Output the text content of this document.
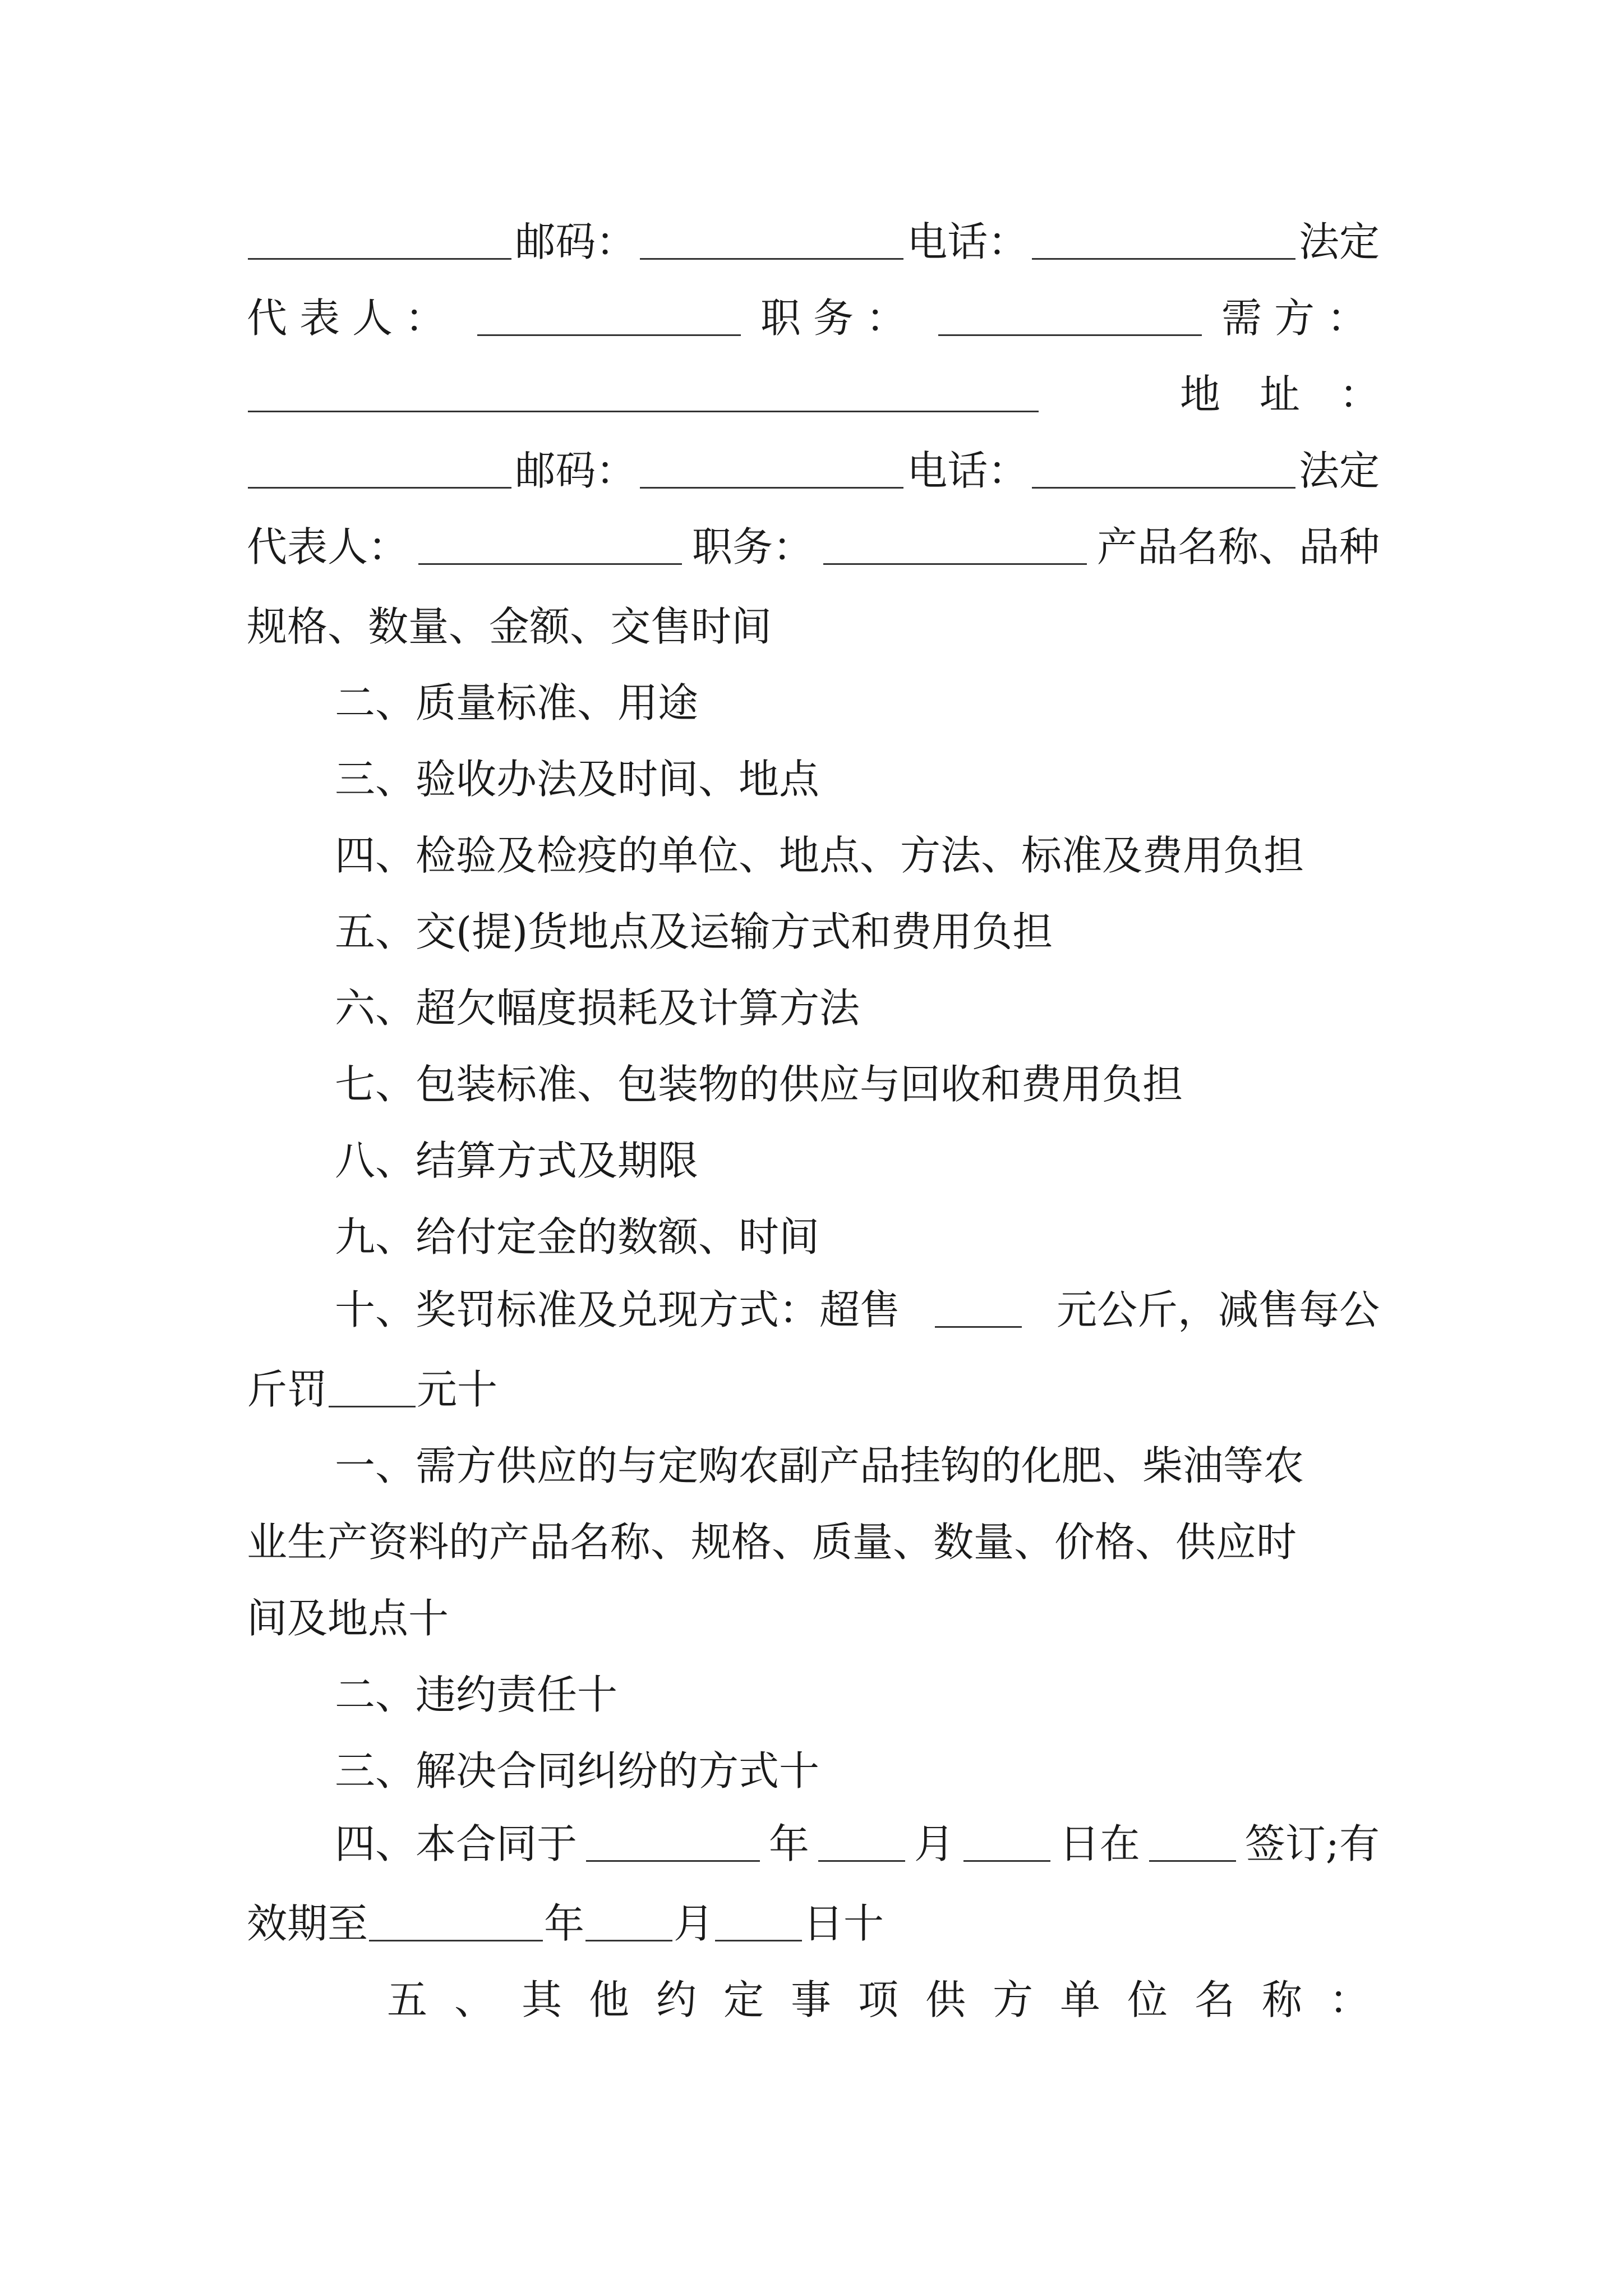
邮码：	电话：	法定
代表人：	职务：	需方：
地址：
邮码：	电话：	法定
代表人：	职务：	产品名称、品种
规格、数量、金额、交售时间
二、质量标准、用途
三、验收办法及时间、地点
四、检验及检疫的单位、地点、方法、标准及费用负担
五、交(提)货地点及运输方式和费用负担
六、超欠幅度损耗及计算方法
七、包装标准、包装物的供应与回收和费用负担
八、结算方式及期限
九、给付定金的数额、时间
十、奖罚标准及兑现方式：超售	元公斤，减售每公
斤罚 元十
一、需方供应的与定购农副产品挂钩的化肥、柴油等农
业生产资料的产品名称、规格、质量、数量、价格、供应时
间及地点十
二、违约责任十
三、解决合同纠纷的方式十
四、本合同于	年	月	日在	签订;有
效期至	年 月 日十
五、其他约定事项供方单位名称：
